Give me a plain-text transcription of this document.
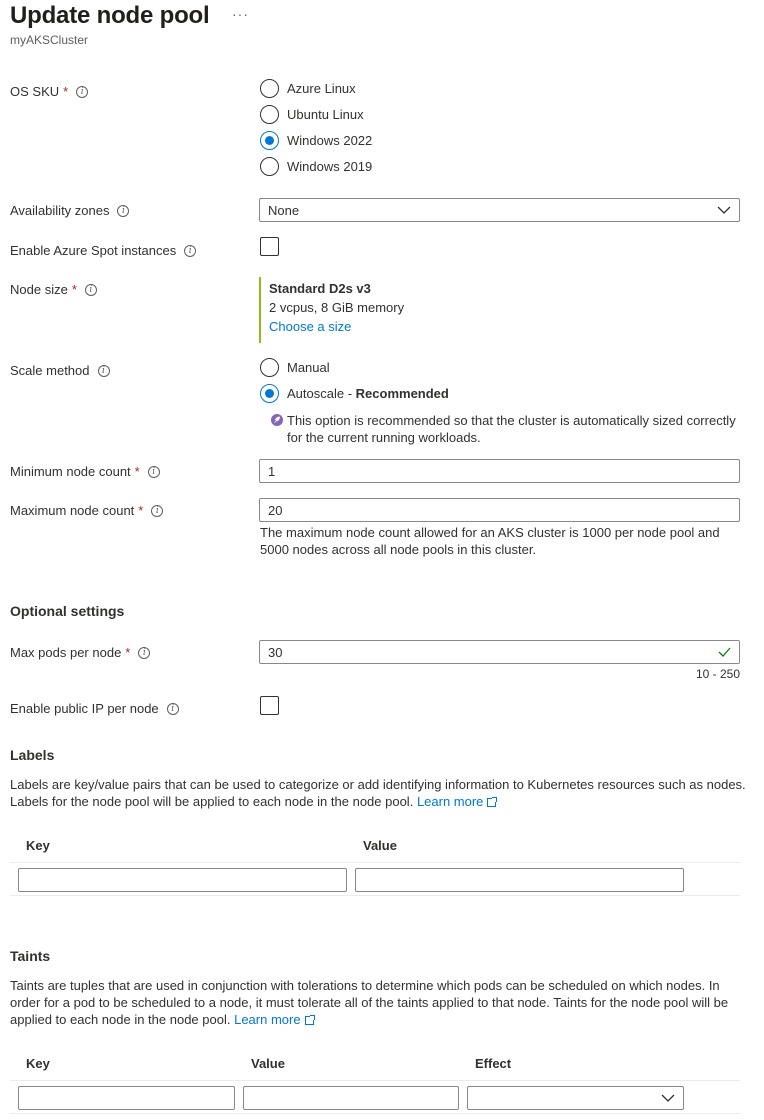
Update node pool ···
myAKSCluster
OS SKU *	i	Azure Linux
Ubuntu Linux
Windows 2022
Windows 2019
Availability zones	i	None
Enable Azure Spot instances	i
Node size *	i	Standard D2s v3
2 vcpus, 8 GiB memory
Choose a size
Scale method	i	Manual
Autoscale - Recommended
This option is recommended so that the cluster is automatically sized correctly for the current running workloads.
Minimum node count *	i	1
Maximum node count *	i	20
The maximum node count allowed for an AKS cluster is 1000 per node pool and 5000 nodes across all node pools in this cluster.
Optional settings
Max pods per node *	i	30
10 - 250
Enable public IP per node	i
Labels
Labels are key/value pairs that can be used to categorize or add identifying information to Kubernetes resources such as nodes. Labels for the node pool will be applied to each node in the node pool. Learn more
Key	Value
Taints
Taints are tuples that are used in conjunction with tolerations to determine which pods can be scheduled on which nodes. In order for a pod to be scheduled to a node, it must tolerate all of the taints applied to that node. Taints for the node pool will be applied to each node in the node pool. Learn more
Key	Value	Effect
